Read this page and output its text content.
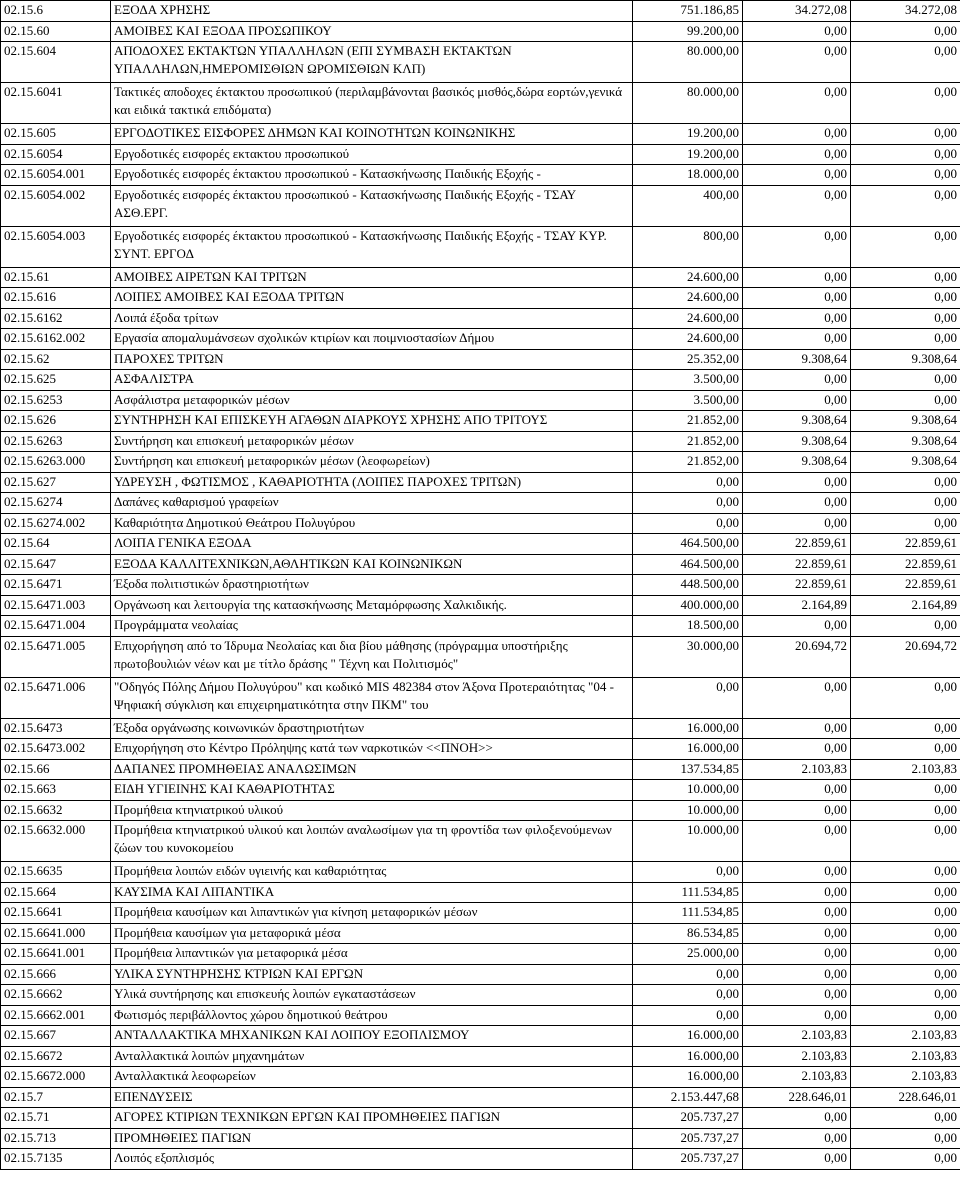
02.15.6	ΕΞΟΔΑ ΧΡΗΣΗΣ	751.186,85	34.272,08	34.272,08
02.15.60	ΑΜΟΙΒΕΣ ΚΑΙ ΕΞΟΔΑ ΠΡΟΣΩΠΙΚΟΥ	99.200,00	0,00	0,00
02.15.604	ΑΠΟΔΟΧΕΣ ΕΚΤΑΚΤΩΝ ΥΠΑΛΛΗΛΩΝ (ΕΠΙ ΣΥΜΒΑΣΗ ΕΚΤΑΚΤΩΝ ΥΠΑΛΛΗΛΩΝ,ΗΜΕΡΟΜΙΣΘΙΩΝ ΩΡΟΜΙΣΘΙΩΝ ΚΛΠ)	80.000,00	0,00	0,00
02.15.6041	Τακτικές αποδοχες έκτακτου προσωπικού (περιλαμβάνονται βασικός μισθός,δώρα εορτών,γενικά και ειδικά τακτικά επιδόματα)	80.000,00	0,00	0,00
02.15.605	ΕΡΓΟΔΟΤΙΚΕΣ ΕΙΣΦΟΡΕΣ ΔΗΜΩΝ ΚΑΙ ΚΟΙΝΟΤΗΤΩΝ ΚΟΙΝΩΝΙΚΗΣ	19.200,00	0,00	0,00
02.15.6054	Εργοδοτικές εισφορές εκτακτου προσωπικού	19.200,00	0,00	0,00
02.15.6054.001	Εργοδοτικές εισφορές έκτακτου προσωπικού - Κατασκήνωσης Παιδικής Εξοχής -	18.000,00	0,00	0,00
02.15.6054.002	Εργοδοτικές εισφορές έκτακτου προσωπικού - Κατασκήνωσης Παιδικής Εξοχής - ΤΣΑΥ ΑΣΘ.ΕΡΓ.	400,00	0,00	0,00
02.15.6054.003	Εργοδοτικές εισφορές έκτακτου προσωπικού - Κατασκήνωσης Παιδικής Εξοχής - ΤΣΑΥ ΚΥΡ. ΣΥΝΤ. ΕΡΓΟΔ	800,00	0,00	0,00
02.15.61	ΑΜΟΙΒΕΣ ΑΙΡΕΤΩΝ ΚΑΙ ΤΡΙΤΩΝ	24.600,00	0,00	0,00
02.15.616	ΛΟΙΠΕΣ ΑΜΟΙΒΕΣ ΚΑΙ ΕΞΟΔΑ ΤΡΙΤΩΝ	24.600,00	0,00	0,00
02.15.6162	Λοιπά έξοδα τρίτων	24.600,00	0,00	0,00
02.15.6162.002	Εργασία απομαλυμάνσεων σχολικών κτιρίων και ποιμνιοστασίων Δήμου	24.600,00	0,00	0,00
02.15.62	ΠΑΡΟΧΕΣ ΤΡΙΤΩΝ	25.352,00	9.308,64	9.308,64
02.15.625	ΑΣΦΑΛΙΣΤΡΑ	3.500,00	0,00	0,00
02.15.6253	Ασφάλιστρα μεταφορικών μέσων	3.500,00	0,00	0,00
02.15.626	ΣΥΝΤΗΡΗΣΗ ΚΑΙ ΕΠΙΣΚΕΥΗ ΑΓΑΘΩΝ ΔΙΑΡΚΟΥΣ ΧΡΗΣΗΣ ΑΠΟ ΤΡΙΤΟΥΣ	21.852,00	9.308,64	9.308,64
02.15.6263	Συντήρηση και επισκευή μεταφορικών μέσων	21.852,00	9.308,64	9.308,64
02.15.6263.000	Συντήρηση και επισκευή μεταφορικών μέσων (λεοφωρείων)	21.852,00	9.308,64	9.308,64
02.15.627	ΥΔΡΕΥΣΗ , ΦΩΤΙΣΜΟΣ , ΚΑΘΑΡΙΟΤΗΤΑ (ΛΟΙΠΕΣ ΠΑΡΟΧΕΣ ΤΡΙΤΩΝ)	0,00	0,00	0,00
02.15.6274	Δαπάνες καθαρισμού γραφείων	0,00	0,00	0,00
02.15.6274.002	Καθαριότητα Δημοτικού Θεάτρου Πολυγύρου	0,00	0,00	0,00
02.15.64	ΛΟΙΠΑ ΓΕΝΙΚΑ ΕΞΟΔΑ	464.500,00	22.859,61	22.859,61
02.15.647	ΕΞΟΔΑ ΚΑΛΛΙΤΕΧΝΙΚΩΝ,ΑΘΛΗΤΙΚΩΝ ΚΑΙ ΚΟΙΝΩΝΙΚΩΝ	464.500,00	22.859,61	22.859,61
02.15.6471	Έξοδα πολιτιστικών δραστηριοτήτων	448.500,00	22.859,61	22.859,61
02.15.6471.003	Οργάνωση και λειτουργία της κατασκήνωσης Μεταμόρφωσης Χαλκιδικής.	400.000,00	2.164,89	2.164,89
02.15.6471.004	Προγράμματα νεολαίας	18.500,00	0,00	0,00
02.15.6471.005	Επιχορήγηση από το Ίδρυμα Νεολαίας και δια βίου μάθησης (πρόγραμμα υποστήριξης πρωτοβουλιών νέων και με τίτλο δράσης " Τέχνη και Πολιτισμός"	30.000,00	20.694,72	20.694,72
02.15.6471.006	"Οδηγός Πόλης Δήμου Πολυγύρου" και κωδικό MIS 482384 στον Άξονα Προτεραιότητας "04 - Ψηφιακή σύγκλιση και επιχειρηματικότητα στην ΠΚΜ" του	0,00	0,00	0,00
02.15.6473	Έξοδα οργάνωσης κοινωνικών δραστηριοτήτων	16.000,00	0,00	0,00
02.15.6473.002	Επιχορήγηση στο Κέντρο Πρόληψης κατά των ναρκοτικών <<ΠΝΟΗ>>	16.000,00	0,00	0,00
02.15.66	ΔΑΠΑΝΕΣ ΠΡΟΜΗΘΕΙΑΣ ΑΝΑΛΩΣΙΜΩΝ	137.534,85	2.103,83	2.103,83
02.15.663	ΕΙΔΗ ΥΓΙΕΙΝΗΣ ΚΑΙ ΚΑΘΑΡΙΟΤΗΤΑΣ	10.000,00	0,00	0,00
02.15.6632	Προμήθεια κτηνιατρικού υλικού	10.000,00	0,00	0,00
02.15.6632.000	Προμήθεια κτηνιατρικού υλικού και λοιπών αναλωσίμων για τη φροντίδα των φιλοξενούμενων ζώων του κυνοκομείου	10.000,00	0,00	0,00
02.15.6635	Προμήθεια λοιπών ειδών υγιεινής και καθαριότητας	0,00	0,00	0,00
02.15.664	ΚΑΥΣΙΜΑ ΚΑΙ ΛΙΠΑΝΤΙΚΑ	111.534,85	0,00	0,00
02.15.6641	Προμήθεια καυσίμων και λιπαντικών για κίνηση μεταφορικών μέσων	111.534,85	0,00	0,00
02.15.6641.000	Προμήθεια καυσίμων για μεταφορικά μέσα	86.534,85	0,00	0,00
02.15.6641.001	Προμήθεια λιπαντικών για μεταφορικά μέσα	25.000,00	0,00	0,00
02.15.666	ΥΛΙΚΑ ΣΥΝΤΗΡΗΣΗΣ ΚΤΡΙΩΝ ΚΑΙ ΕΡΓΩΝ	0,00	0,00	0,00
02.15.6662	Υλικά συντήρησης και επισκευής λοιπών εγκαταστάσεων	0,00	0,00	0,00
02.15.6662.001	Φωτισμός περιβάλλοντος χώρου δημοτικού θεάτρου	0,00	0,00	0,00
02.15.667	ΑΝΤΑΛΛΑΚΤΙΚΑ ΜΗΧΑΝΙΚΩΝ ΚΑΙ ΛΟΙΠΟΥ ΕΞΟΠΛΙΣΜΟΥ	16.000,00	2.103,83	2.103,83
02.15.6672	Ανταλλακτικά λοιπών μηχανημάτων	16.000,00	2.103,83	2.103,83
02.15.6672.000	Ανταλλακτικά λεοφωρείων	16.000,00	2.103,83	2.103,83
02.15.7	ΕΠΕΝΔΥΣΕΙΣ	2.153.447,68	228.646,01	228.646,01
02.15.71	ΑΓΟΡΕΣ ΚΤΙΡΙΩΝ ΤΕΧΝΙΚΩΝ ΕΡΓΩΝ ΚΑΙ ΠΡΟΜΗΘΕΙΕΣ ΠΑΓΙΩΝ	205.737,27	0,00	0,00
02.15.713	ΠΡΟΜΗΘΕΙΕΣ ΠΑΓΙΩΝ	205.737,27	0,00	0,00
02.15.7135	Λοιπός εξοπλισμός	205.737,27	0,00	0,00
